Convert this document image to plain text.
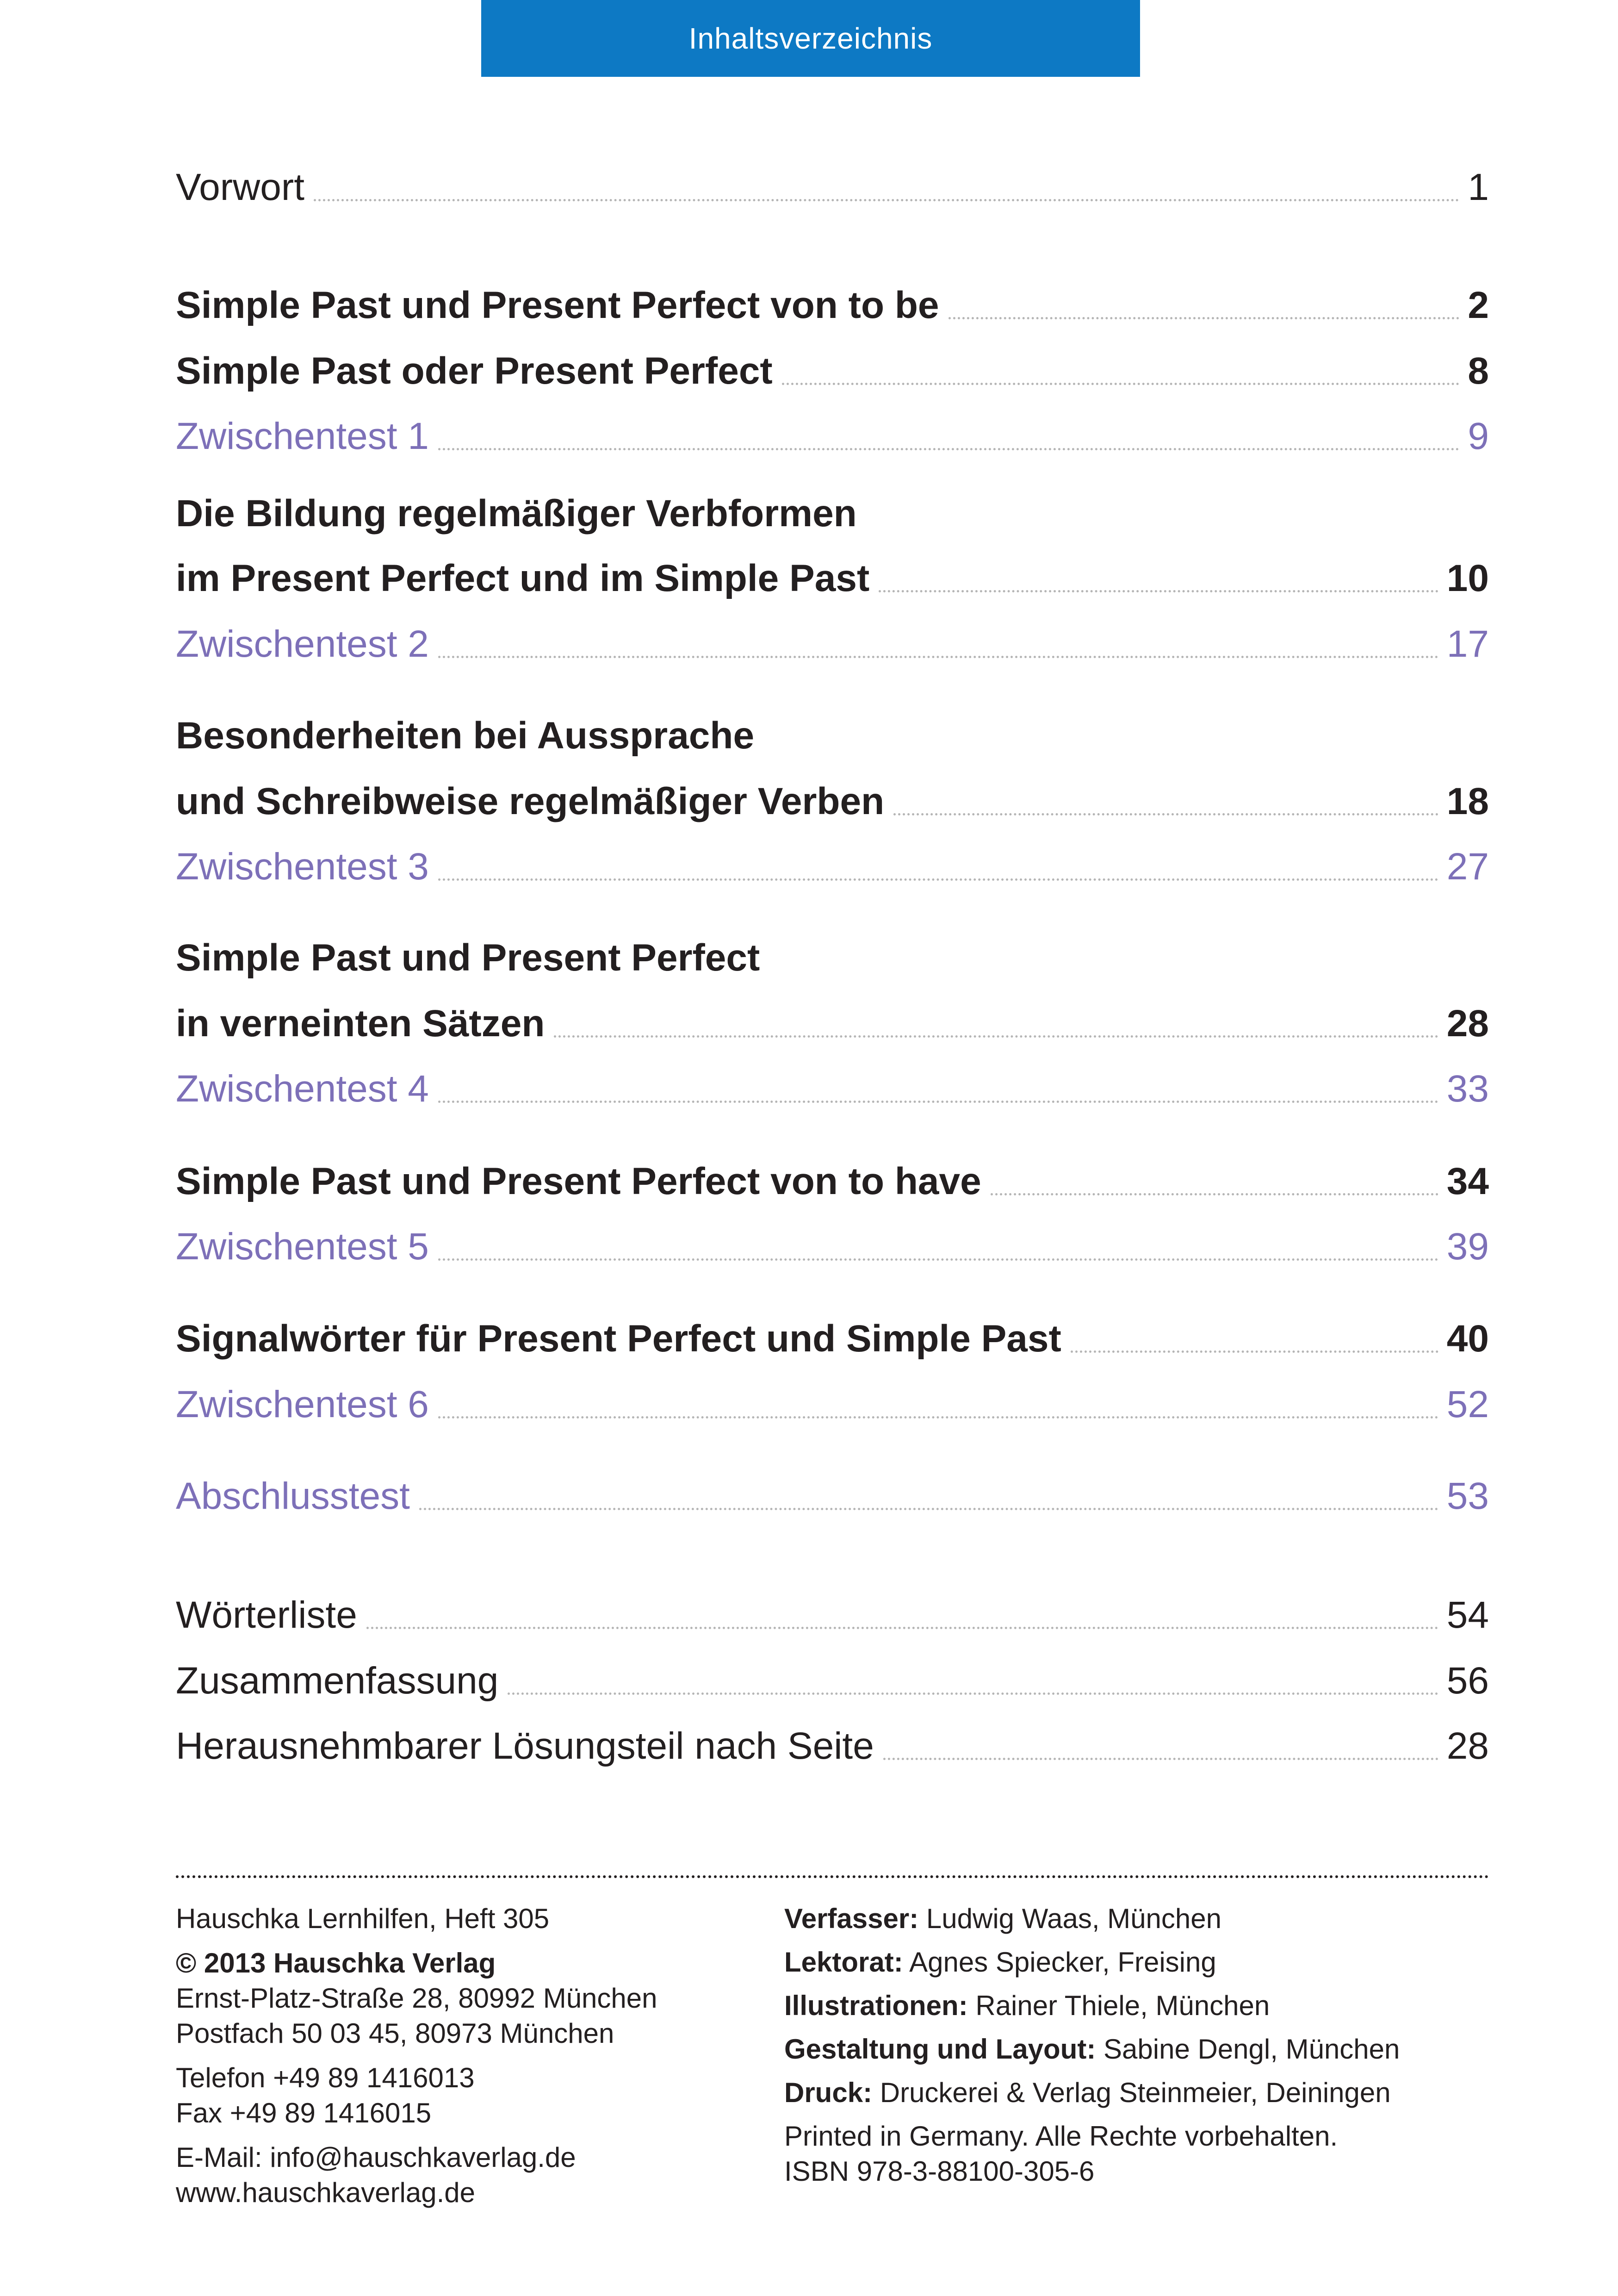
Inhaltsverzeichnis
Vorwort	1
Simple Past und Present Perfect von to be	2
Simple Past oder Present Perfect	8
Zwischentest 1	9
Die Bildung regelmäßiger Verbformen
im Present Perfect und im Simple Past	10
Zwischentest 2	17
Besonderheiten bei Aussprache
und Schreibweise regelmäßiger Verben	18
Zwischentest 3	27
Simple Past und Present Perfect
in verneinten Sätzen	28
Zwischentest 4	33
Simple Past und Present Perfect von to have	34
Zwischentest 5	39
Signalwörter für Present Perfect und Simple Past	40
Zwischentest 6	52
Abschlusstest	53
Wörterliste	54
Zusammenfassung	56
Herausnehmbarer Lösungsteil nach Seite	28
Hauschka Lernhilfen, Heft 305
© 2013 Hauschka Verlag
Ernst-Platz-Straße 28, 80992 München
Postfach 50 03 45, 80973 München
Telefon +49 89 1416013
Fax +49 89 1416015
E-Mail: info@hauschkaverlag.de
www.hauschkaverlag.de
Verfasser: Ludwig Waas, München
Lektorat: Agnes Spiecker, Freising
Illustrationen: Rainer Thiele, München
Gestaltung und Layout: Sabine Dengl, München
Druck: Druckerei & Verlag Steinmeier, Deiningen
Printed in Germany. Alle Rechte vorbehalten.
ISBN 978-3-88100-305-6
